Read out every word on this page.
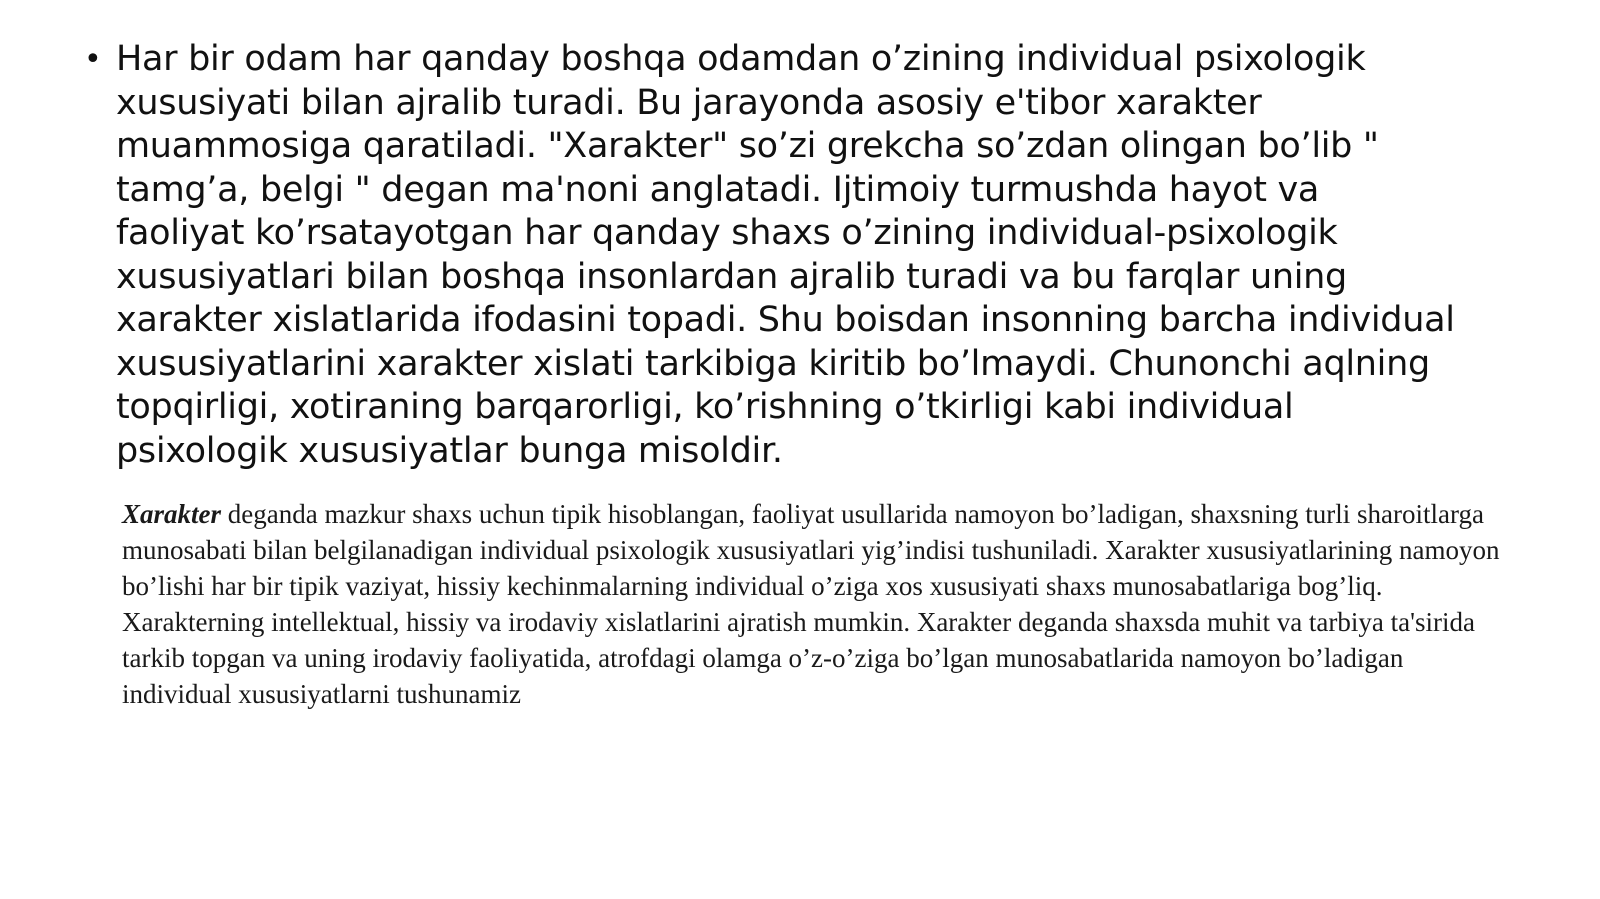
• Har bir odam har qanday boshqa odamdan o’zining individual psixologik xususiyati bilan ajralib turadi. Bu jarayonda asosiy e'tibor xarakter muammosiga qaratiladi. "Xarakter" so’zi grekcha so’zdan olingan bo’lib " tamg’a, belgi " degan ma'noni anglatadi. Ijtimoiy turmushda hayot va faoliyat ko’rsatayotgan har qanday shaxs o’zining individual-psixologik xususiyatlari bilan boshqa insonlardan ajralib turadi va bu farqlar uning xarakter xislatlarida ifodasini topadi. Shu boisdan insonning barcha individual xususiyatlarini xarakter xislati tarkibiga kiritib bo’lmaydi. Chunonchi aqlning topqirligi, xotiraning barqarorligi, ko’rishning o’tkirligi kabi individual psixologik xususiyatlar bunga misoldir.

Xarakter deganda mazkur shaxs uchun tipik hisoblangan, faoliyat usullarida namoyon bo’ladigan, shaxsning turli sharoitlarga munosabati bilan belgilanadigan individual psixologik xususiyatlari yig’indisi tushuniladi. Xarakter xususiyatlarining namoyon bo’lishi har bir tipik vaziyat, hissiy kechinmalarning individual o’ziga xos xususiyati shaxs munosabatlariga bog’liq. Xarakterning intellektual, hissiy va irodaviy xislatlarini ajratish mumkin. Xarakter deganda shaxsda muhit va tarbiya ta'sirida tarkib topgan va uning irodaviy faoliyatida, atrofdagi olamga o’z-o’ziga bo’lgan munosabatlarida namoyon bo’ladigan individual xususiyatlarni tushunamiz
